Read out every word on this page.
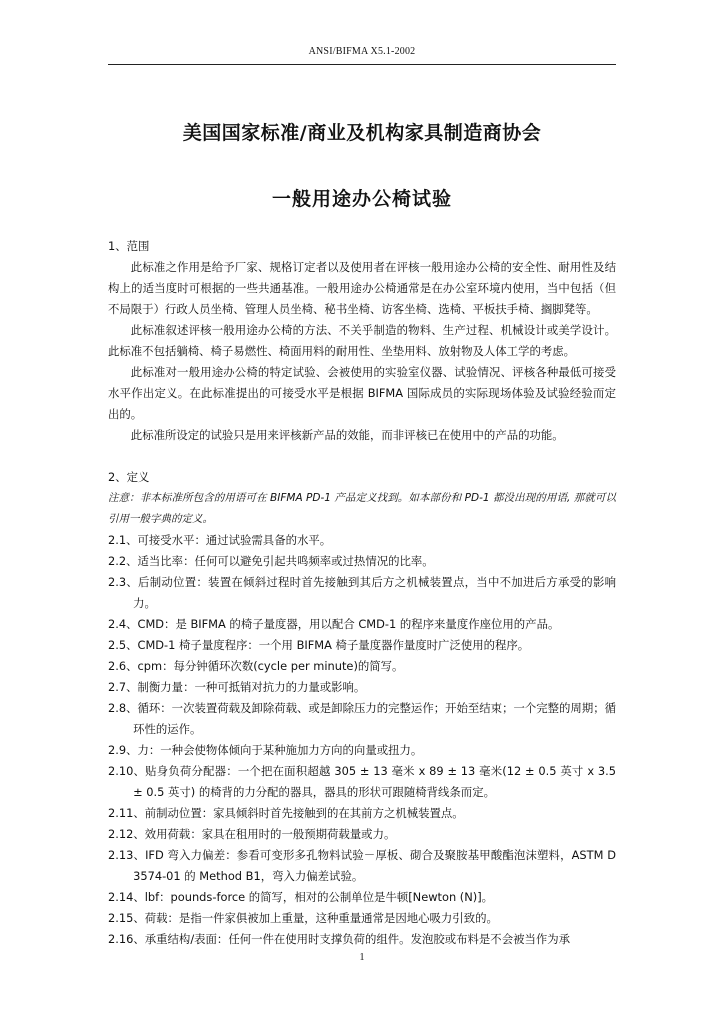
ANSI/BIFMA X5.1-2002
美国国家标准/商业及机构家具制造商协会
一般用途办公椅试验

1、范围

此标准之作用是给予厂家、规格订定者以及使用者在评核一般用途办公椅的安全性、耐用性及结构上的适当度时可根据的一些共通基准。一般用途办公椅通常是在办公室环境内使用，当中包括（但不局限于）行政人员坐椅、管理人员坐椅、秘书坐椅、访客坐椅、选椅、平板扶手椅、搁脚凳等。

此标准叙述评核一般用途办公椅的方法、不关乎制造的物料、生产过程、机械设计或美学设计。此标准不包括躺椅、椅子易燃性、椅面用料的耐用性、坐垫用料、放射物及人体工学的考虑。

此标准对一般用途办公椅的特定试验、会被使用的实验室仪器、试验情况、评核各种最低可接受水平作出定义。在此标准提出的可接受水平是根据 BIFMA 国际成员的实际现场体验及试验经验而定出的。

此标准所设定的试验只是用来评核新产品的效能，而非评核已在使用中的产品的功能。

2、定义

注意：非本标准所包含的用语可在 BIFMA PD-1 产品定义找到。如本部份和 PD-1 都没出现的用语, 那就可以引用一般字典的定义。

2.1、可接受水平：通过试验需具备的水平。

2.2、适当比率：任何可以避免引起共鸣频率或过热情况的比率。

2.3、后制动位置：装置在倾斜过程时首先接触到其后方之机械装置点，当中不加进后方承受的影响力。

2.4、CMD：是 BIFMA 的椅子量度器，用以配合 CMD-1 的程序来量度作座位用的产品。

2.5、CMD-1 椅子量度程序：一个用 BIFMA 椅子量度器作量度时广泛使用的程序。

2.6、cpm：每分钟循环次数(cycle per minute)的简写。

2.7、制衡力量：一种可抵销对抗力的力量或影响。

2.8、循环：一次装置荷载及卸除荷载、或是卸除压力的完整运作；开始至结束；一个完整的周期；循环性的运作。

2.9、力：一种会使物体倾向于某种施加力方向的向量或扭力。

2.10、贴身负荷分配器：一个把在面积超越 305 ± 13 毫米 x 89 ± 13 毫米(12 ± 0.5 英寸 x 3.5 ± 0.5 英寸) 的椅背的力分配的器具，器具的形状可跟随椅背线条而定。

2.11、前制动位置：家具倾斜时首先接触到的在其前方之机械装置点。

2.12、效用荷载：家具在租用时的一般预期荷载量或力。

2.13、IFD 弯入力偏差：参看可变形多孔物料试验－厚板、砌合及聚胺基甲酸酯泡沫塑料，ASTM D 3574-01 的 Method B1，弯入力偏差试验。

2.14、lbf：pounds-force 的简写，相对的公制单位是牛顿[Newton (N)]。

2.15、荷载：是指一件家俱被加上重量，这种重量通常是因地心吸力引致的。

2.16、承重结构/表面：任何一件在使用时支撑负荷的组件。发泡胶或布料是不会被当作为承

1
